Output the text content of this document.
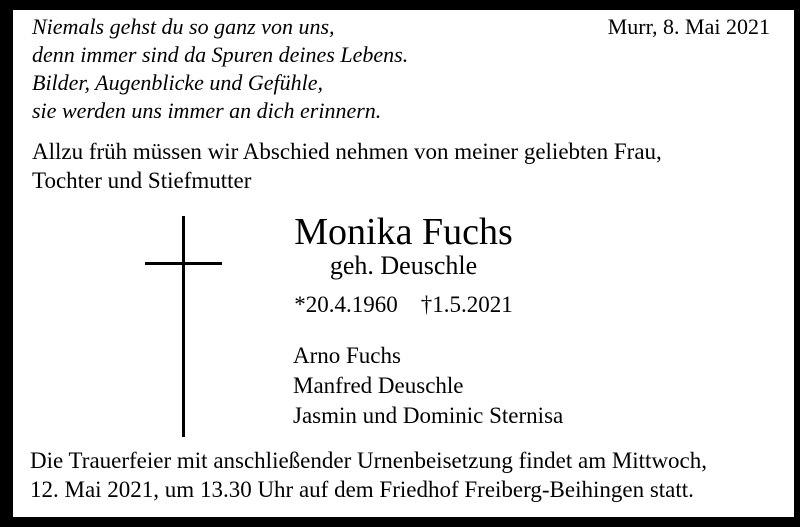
Niemals gehst du so ganz von uns,
denn immer sind da Spuren deines Lebens.
Bilder, Augenblicke und Gefühle,
sie werden uns immer an dich erinnern.
Murr, 8. Mai 2021
Allzu früh müssen wir Abschied nehmen von meiner geliebten Frau,
Tochter und Stiefmutter
Monika Fuchs
geh. Deuschle
*20.4.1960 †1.5.2021
Arno Fuchs
Manfred Deuschle
Jasmin und Dominic Sternisa
Die Trauerfeier mit anschließender Urnenbeisetzung findet am Mittwoch,
12. Mai 2021, um 13.30 Uhr auf dem Friedhof Freiberg-Beihingen statt.
